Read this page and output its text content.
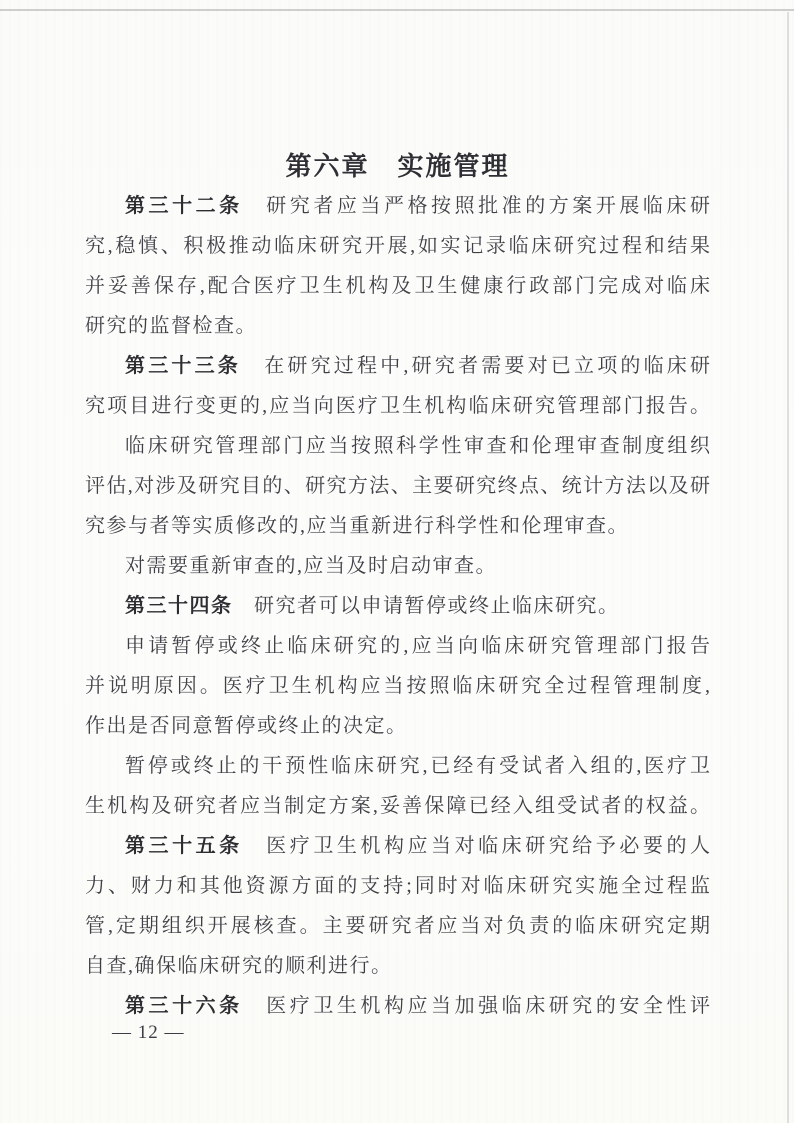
第六章　实施管理
第三十二条　研究者应当严格按照批准的方案开展临床研
究,稳慎、积极推动临床研究开展,如实记录临床研究过程和结果
并妥善保存,配合医疗卫生机构及卫生健康行政部门完成对临床
研究的监督检查。
第三十三条　在研究过程中,研究者需要对已立项的临床研
究项目进行变更的,应当向医疗卫生机构临床研究管理部门报告。
临床研究管理部门应当按照科学性审查和伦理审查制度组织
评估,对涉及研究目的、研究方法、主要研究终点、统计方法以及研
究参与者等实质修改的,应当重新进行科学性和伦理审查。
对需要重新审查的,应当及时启动审查。
第三十四条　研究者可以申请暂停或终止临床研究。
申请暂停或终止临床研究的,应当向临床研究管理部门报告
并说明原因。医疗卫生机构应当按照临床研究全过程管理制度,
作出是否同意暂停或终止的决定。
暂停或终止的干预性临床研究,已经有受试者入组的,医疗卫
生机构及研究者应当制定方案,妥善保障已经入组受试者的权益。
第三十五条　医疗卫生机构应当对临床研究给予必要的人
力、财力和其他资源方面的支持;同时对临床研究实施全过程监
管,定期组织开展核查。主要研究者应当对负责的临床研究定期
自查,确保临床研究的顺利进行。
第三十六条　医疗卫生机构应当加强临床研究的安全性评
— 12 —
